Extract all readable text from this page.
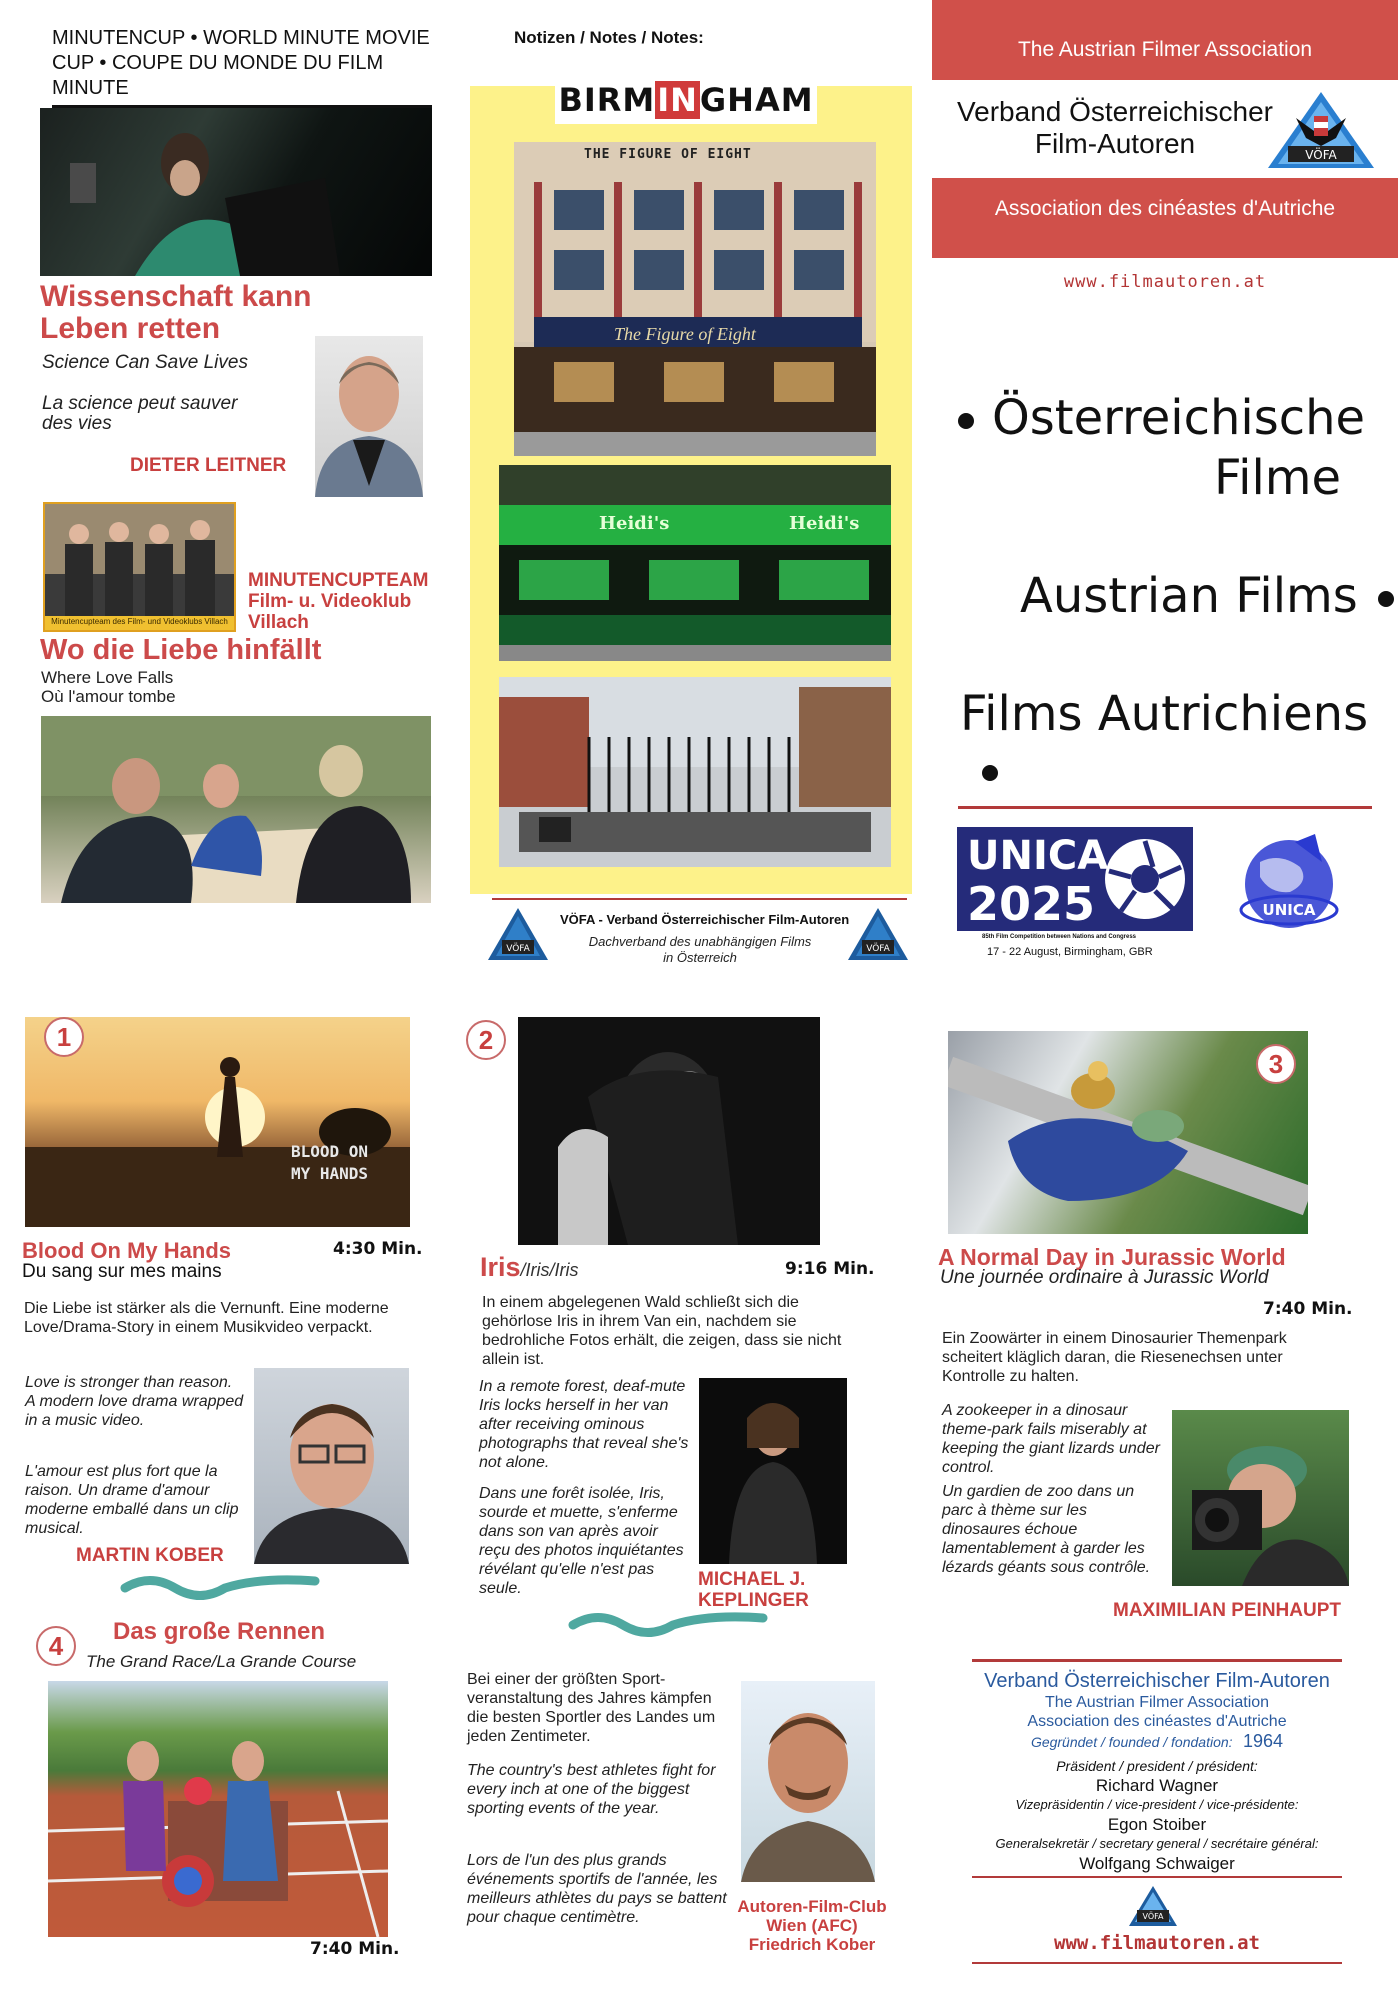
MINUTENCUP • WORLD MINUTE MOVIE CUP • COUPE DU MONDE DU FILM MINUTE
Wissenschaft kann Leben retten
Science Can Save Lives
La science peut sauver des vies
DIETER LEITNER
Minutencupteam des Film- und Videoklubs Villach
MINUTENCUPTEAM
Film- u. Videoklub
Villach
Wo die Liebe hinfällt
Where Love Falls
Où l'amour tombe
Notizen / Notes / Notes:
BIRMINGHAM
THE FIGURE OF EIGHT
The Figure of Eight
Heidi's	Heidi's
VÖFA	VÖFA
VÖFA - Verband Österreichischer Film-Autoren
Dachverband des unabhängigen Films
in Österreich
The Austrian Filmer Association
Verband Österreichischer
Film-Autoren	VÖFA
Association des cinéastes d'Autriche
www.filmautoren.at
Österreichische
Filme
Austrian Films
Films Autrichiens
UNICA
2025
85th Film Competition between Nations and Congress
17 - 22 August, Birmingham, GBR
UNICA
BLOOD ON
MY HANDS
1
Blood On My Hands	4:30 Min.
Du sang sur mes mains
Die Liebe ist stärker als die Vernunft. Eine moderne Love/Drama-Story in einem Musikvideo verpackt.
Love is stronger than reason. A modern love drama wrapped in a music video.
L'amour est plus fort que la raison. Un drame d'amour moderne emballé dans un clip musical.
MARTIN KOBER
2
Iris/Iris/Iris	9:16 Min.
In einem abgelegenen Wald schließt sich die gehörlose Iris in ihrem Van ein, nachdem sie bedrohliche Fotos erhält, die zeigen, dass sie nicht allein ist.
In a remote forest, deaf-mute Iris locks herself in her van after receiving ominous photographs that reveal she's not alone.
Dans une forêt isolée, Iris, sourde et muette, s'enferme dans son van après avoir reçu des photos inquiétantes révélant qu'elle n'est pas seule.	MICHAEL J.
KEPLINGER
3
A Normal Day in Jurassic World
Une journée ordinaire à Jurassic World
7:40 Min.
Ein Zoowärter in einem Dinosaurier Themenpark scheitert kläglich daran, die Riesenechsen unter Kontrolle zu halten.
A zookeeper in a dinosaur theme-park fails miserably at keeping the giant lizards under control.
Un gardien de zoo dans un parc à thème sur les dinosaures échoue lamentablement à garder les lézards géants sous contrôle.
MAXIMILIAN PEINHAUPT
Das große Rennen
4
The Grand Race/La Grande Course
7:40 Min.
Bei einer der größten Sport-veranstaltung des Jahres kämpfen die besten Sportler des Landes um jeden Zentimeter.
The country's best athletes fight for every inch at one of the biggest sporting events of the year.
Lors de l'un des plus grands événements sportifs de l'année, les meilleurs athlètes du pays se battent pour chaque centimètre.
Autoren-Film-Club
Wien (AFC)
Friedrich Kober
Verband Österreichischer Film-Autoren
The Austrian Filmer Association
Association des cinéastes d'Autriche
Gegründet / founded / fondation: 1964
Präsident / president / président:
Richard Wagner
Vizepräsidentin / vice-president / vice-présidente:
Egon Stoiber
Generalsekretär / secretary general / secrétaire général:
Wolfgang Schwaiger
VÖFA
www.filmautoren.at
